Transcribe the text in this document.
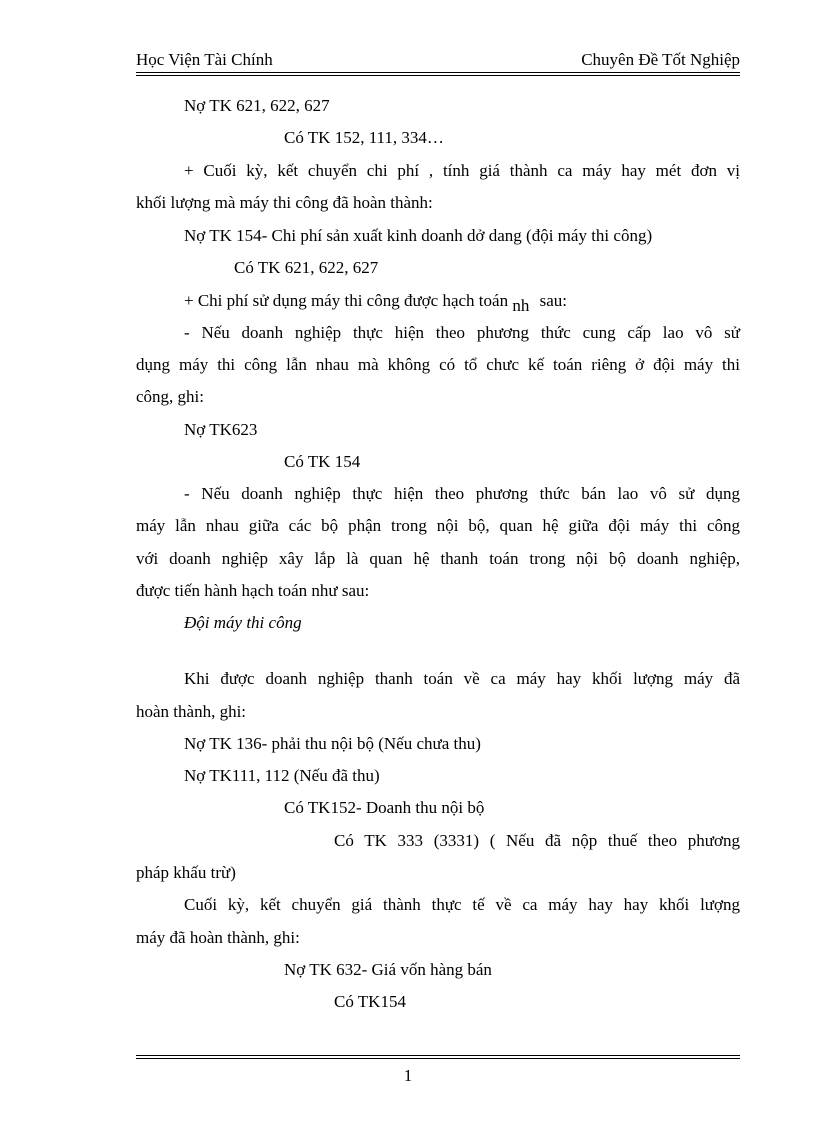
Học Viện Tài Chính	Chuyên Đề Tốt Nghiệp
Nợ TK 621, 622, 627
Có TK 152, 111, 334…
+ Cuối kỳ, kết chuyển chi phí , tính giá thành ca máy hay mét đơn vị
khối lượng mà máy thi công đã hoàn thành:
Nợ TK 154- Chi phí sản xuất kinh doanh dở dang (đội máy thi công)
Có TK 621, 622, 627
+ Chi phí sử dụng máy thi công được hạch toán nh sau:
- Nếu doanh nghiệp thực hiện theo phương thức cung cấp lao vô sử
dụng máy thi công lẫn nhau mà không có tổ chưc kế toán riêng ở đội máy thi
công, ghi:
Nợ TK623
Có TK 154
- Nếu doanh nghiệp thực hiện theo phương thức bán lao vô sử dụng
máy lẫn nhau giữa các bộ phận trong nội bộ, quan hệ giữa đội máy thi công
với doanh nghiệp xây lắp là quan hệ thanh toán trong nội bộ doanh nghiệp,
được tiến hành hạch toán như sau:
Đội máy thi công
Khi được doanh nghiệp thanh toán về ca máy hay khối lượng máy đã
hoàn thành, ghi:
Nợ TK 136- phải thu nội bộ (Nếu chưa thu)
Nợ TK111, 112 (Nếu đã thu)
Có TK152- Doanh thu nội bộ
Có TK 333 (3331) ( Nếu đã nộp thuế theo phương
pháp khấu trừ)
Cuối kỳ, kết chuyển giá thành thực tế về ca máy hay hay khối lượng
máy đã hoàn thành, ghi:
Nợ TK 632- Giá vốn hàng bán
Có TK154
1
